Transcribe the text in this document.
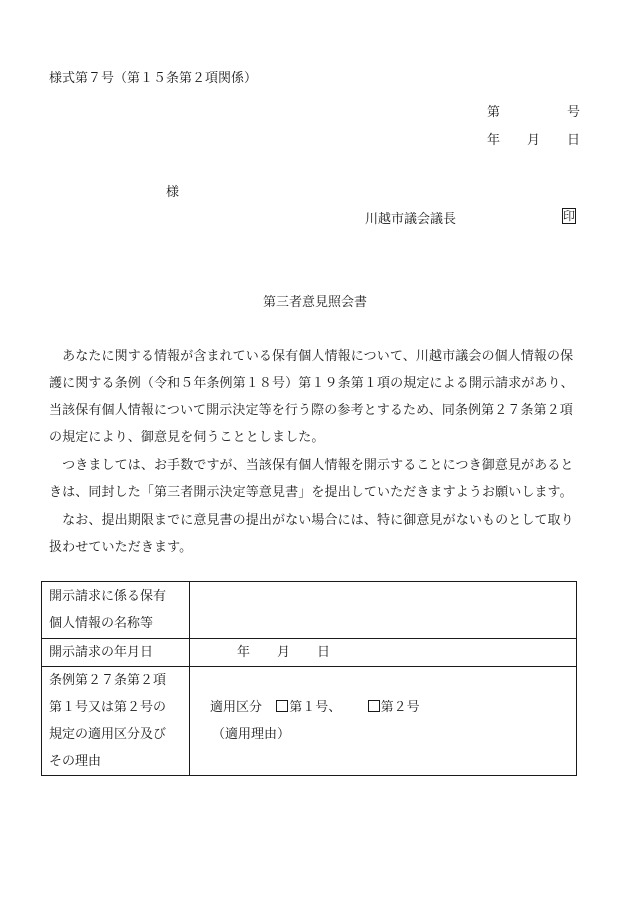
様式第７号（第１５条第２項関係）
第	号
年 月 日
様
川越市議会議長	印
第三者意見照会書
　あなたに関する情報が含まれている保有個人情報について、川越市議会の個人情報の保
護に関する条例（令和５年条例第１８号）第１９条第１項の規定による開示請求があり、
当該保有個人情報について開示決定等を行う際の参考とするため、同条例第２７条第２項
の規定により、御意見を伺うこととしました。
　つきましては、お手数ですが、当該保有個人情報を開示することにつき御意見があると
きは、同封した「第三者開示決定等意見書」を提出していただきますようお願いします。
　なお、提出期限までに意見書の提出がない場合には、特に御意見がないものとして取り
扱わせていただきます。
開示請求に係る保有
個人情報の名称等	

開示請求の年月日	年 月 日

条例第２７条第２項
第１号又は第２号の
規定の適用区分及び
その理由	適用区分 第１号、 第２号
（適用理由）
